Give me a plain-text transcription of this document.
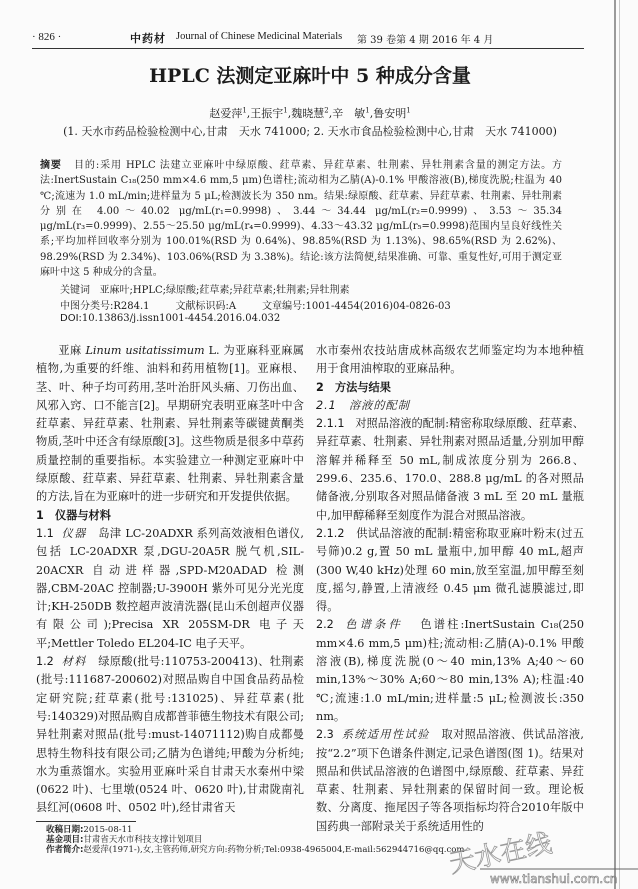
· 826 ·	中药材 Journal of Chinese Medicinal Materials 第 39 卷第 4 期 2016 年 4 月
HPLC 法测定亚麻叶中 5 种成分含量
赵爱萍$^1$,王振宇$^1$,魏晓慧$^2$,辛　敏$^1$,鲁安明$^1$
(1. 天水市药品检验检测中心,甘肃　天水 741000; 2. 天水市食品检验检测中心,甘肃　天水 741000)
摘要 目的:采用 HPLC 法建立亚麻叶中绿原酸、荭草素、异荭草素、牡荆素、异牡荆素含量的测定方法。方法:InertSustain C₁₈(250 mm×4.6 mm,5 μm)色谱柱;流动相为乙腈(A)-0.1% 甲酸溶液(B),梯度洗脱;柱温为 40 ℃;流速为 1.0 mL/min;进样量为 5 μL;检测波长为 350 nm。结果:绿原酸、荭草素、异荭草素、牡荆素、异牡荆素分别在 4.00～40.02 μg/mL(r₁=0.9998)、3.44～34.44 μg/mL(r₂=0.9999)、3.53～35.34 μg/mL(r₃=0.9999)、2.55～25.50 μg/mL(r₄=0.9999)、4.33～43.32 μg/mL(r₅=0.9998)范围内呈良好线性关系;平均加样回收率分别为 100.01%(RSD 为 0.64%)、98.85%(RSD 为 1.13%)、98.65%(RSD 为 2.62%)、98.29%(RSD 为 2.34%)、103.06%(RSD 为 3.38%)。结论:该方法简便,结果准确、可靠、重复性好,可用于测定亚麻叶中这 5 种成分的含量。
关键词 亚麻叶;HPLC;绿原酸;荭草素;异荭草素;牡荆素;异牡荆素
中图分类号:R284.1	文献标识码:A	文章编号:1001-4454(2016)04-0826-03
DOI:10.13863/j.issn1001-4454.2016.04.032

亚麻 Linum usitatissimum L. 为亚麻科亚麻属植物,为重要的纤维、油料和药用植物[1]。亚麻根、茎、叶、种子均可药用,茎叶治肝风头痛、刀伤出血、风邪入窍、口不能言[2]。早期研究表明亚麻茎叶中含荭草素、异荭草素、牡荆素、异牡荆素等碳键黄酮类物质,茎叶中还含有绿原酸[3]。这些物质是很多中草药质量控制的重要指标。本实验建立一种测定亚麻叶中绿原酸、荭草素、异荭草素、牡荆素、异牡荆素含量的方法,旨在为亚麻叶的进一步研究和开发提供依据。

1　仪器与材料

1.1 仪器 岛津 LC-20ADXR 系列高效液相色谱仪,包括 LC-20ADXR 泵,DGU-20A5R 脱气机,SIL-20ACXR 自动进样器,SPD-M20ADAD 检测器,CBM-20AC 控制器;U-3900H 紫外可见分光光度计;KH-250DB 数控超声波清洗器(昆山禾创超声仪器有限公司);Precisa XR 205SM-DR 电子天平;Mettler Toledo EL204-IC 电子天平。

1.2 材料 绿原酸(批号:110753-200413)、牡荆素(批号:111687-200602)对照品购自中国食品药品检定研究院;荭草素(批号:131025)、异荭草素(批号:140329)对照品购自成都普菲德生物技术有限公司;异牡荆素对照品(批号:must-14071112)购自成都曼思特生物科技有限公司;乙腈为色谱纯;甲酸为分析纯;水为重蒸馏水。实验用亚麻叶采自甘肃天水秦州中梁(0622 叶)、七里墩(0524 叶、0620 叶),甘肃陇南礼县红河(0608 叶、0502 叶),经甘肃省天

水市秦州农技站唐成林高级农艺师鉴定均为本地种植用于食用油榨取的亚麻品种。

2　方法与结果

2.1　溶液的配制

2.1.1 对照品溶液的配制:精密称取绿原酸、荭草素、异荭草素、牡荆素、异牡荆素对照品适量,分别加甲醇溶解并稀释至 50 mL,制成浓度分别为 266.8、299.6、235.6、170.0、288.8 μg/mL 的各对照品储备液,分别取各对照品储备液 3 mL 至 20 mL 量瓶中,加甲醇稀释至刻度作为混合对照品溶液。

2.1.2 供试品溶液的配制:精密称取亚麻叶粉末(过五号筛)0.2 g,置 50 mL 量瓶中,加甲醇 40 mL,超声(300 W,40 kHz)处理 60 min,放至室温,加甲醇至刻度,摇匀,静置,上清液经 0.45 μm 微孔滤膜滤过,即得。

2.2 色谱条件 色谱柱:InertSustain C₁₈(250 mm×4.6 mm,5 μm)柱;流动相:乙腈(A)-0.1% 甲酸溶液(B),梯度洗脱(0～40 min,13% A;40～60 min,13%～30% A;60～80 min,13% A);柱温:40 ℃;流速:1.0 mL/min;进样量:5 μL;检测波长:350 nm。

2.3 系统适用性试验 取对照品溶液、供试品溶液,按“2.2”项下色谱条件测定,记录色谱图(图 1)。结果对照品和供试品溶液的色谱图中,绿原酸、荭草素、异荭草素、牡荆素、异牡荆素的保留时间一致。理论板数、分离度、拖尾因子等各项指标均符合2010年版中国药典一部附录关于系统适用性的

收稿日期:2015-08-11
基金项目:甘肃省天水市科技支撑计划项目
作者简介:赵爱萍(1971-),女,主管药师,研究方向:药物分析;Tel:0938-4965004,E-mail:562944716@qq.com
天水在线
www.tianshui.com.cn
